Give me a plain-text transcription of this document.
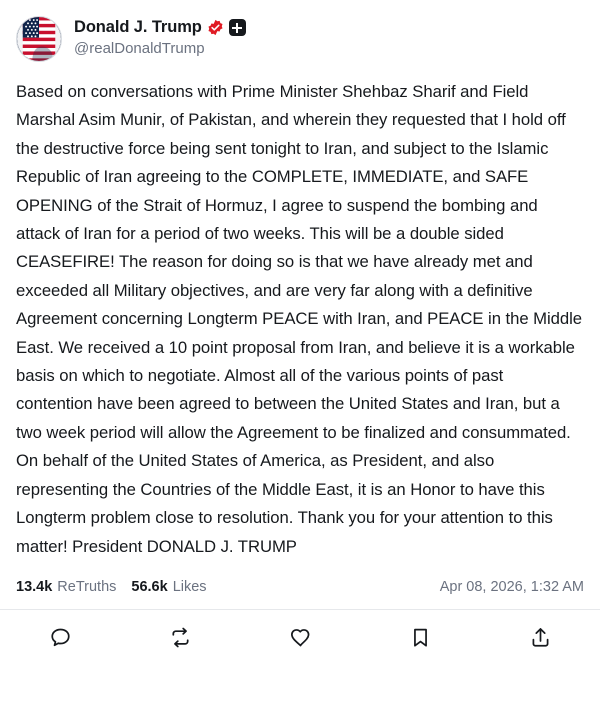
Donald J. Trump
@realDonaldTrump
Based on conversations with Prime Minister Shehbaz Sharif and Field Marshal Asim Munir, of Pakistan, and wherein they requested that I hold off the destructive force being sent tonight to Iran, and subject to the Islamic Republic of Iran agreeing to the COMPLETE, IMMEDIATE, and SAFE OPENING of the Strait of Hormuz, I agree to suspend the bombing and attack of Iran for a period of two weeks. This will be a double sided CEASEFIRE! The reason for doing so is that we have already met and exceeded all Military objectives, and are very far along with a definitive Agreement concerning Longterm PEACE with Iran, and PEACE in the Middle East. We received a 10 point proposal from Iran, and believe it is a workable basis on which to negotiate. Almost all of the various points of past contention have been agreed to between the United States and Iran, but a two week period will allow the Agreement to be finalized and consummated. On behalf of the United States of America, as President, and also representing the Countries of the Middle East, it is an Honor to have this Longterm problem close to resolution. Thank you for your attention to this matter! President DONALD J. TRUMP
13.4k ReTruths 56.6k Likes	Apr 08, 2026, 1:32 AM
